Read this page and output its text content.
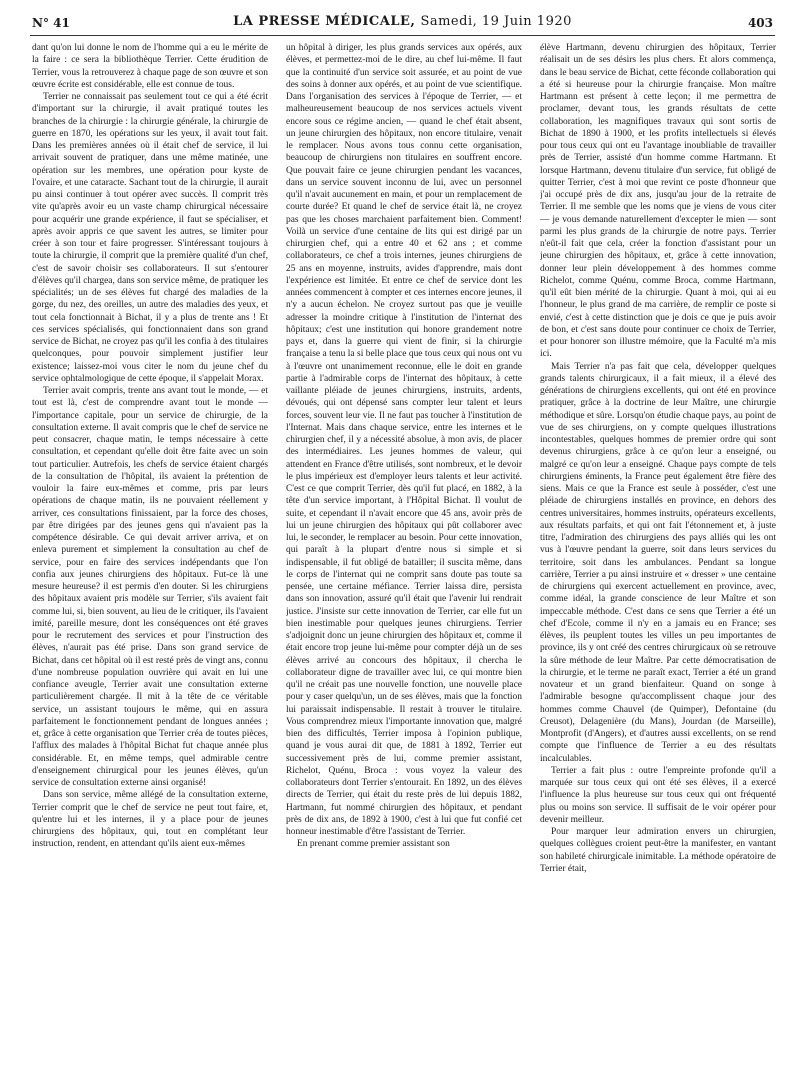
N° 41	LA PRESSE MÉDICALE, Samedi, 19 Juin 1920	403

dant qu'on lui donne le nom de l'homme qui a eu le mérite de la faire : ce sera la bibliothèque Terrier. Cette érudition de Terrier, vous la retrouverez à chaque page de son œuvre et son œuvre écrite est considérable, elle est connue de tous.

Terrier ne connaissait pas seulement tout ce qui a été écrit d'important sur la chirurgie, il avait pratiqué toutes les branches de la chirurgie : la chirurgie générale, la chirurgie de guerre en 1870, les opérations sur les yeux, il avait tout fait. Dans les premières années où il était chef de service, il lui arrivait souvent de pratiquer, dans une même matinée, une opération sur les membres, une opération pour kyste de l'ovaire, et une cataracte. Sachant tout de la chirurgie, il aurait pu ainsi continuer à tout opérer avec succès. Il comprit très vite qu'après avoir eu un vaste champ chirurgical nécessaire pour acquérir une grande expérience, il faut se spécialiser, et après avoir appris ce que savent les autres, se limiter pour créer à son tour et faire progresser. S'intéressant toujours à toute la chirurgie, il comprit que la première qualité d'un chef, c'est de savoir choisir ses collaborateurs. Il sut s'entourer d'élèves qu'il chargea, dans son service même, de pratiquer les spécialités; un de ses élèves fut chargé des maladies de la gorge, du nez, des oreilles, un autre des maladies des yeux, et tout cela fonctionnait à Bichat, il y a plus de trente ans ! Et ces services spécialisés, qui fonctionnaient dans son grand service de Bichat, ne croyez pas qu'il les confia à des titulaires quelconques, pour pouvoir simplement justifier leur existence; laissez-moi vous citer le nom du jeune chef du service ophtalmologique de cette époque, il s'appelait Morax.

Terrier avait compris, trente ans avant tout le monde, — et tout est là, c'est de comprendre avant tout le monde — l'importance capitale, pour un service de chirurgie, de la consultation externe. Il avait compris que le chef de service ne peut consacrer, chaque matin, le temps nécessaire à cette consultation, et cependant qu'elle doit être faite avec un soin tout particulier. Autrefois, les chefs de service étaient chargés de la consultation de l'hôpital, ils avaient la prétention de vouloir la faire eux-mêmes et comme, pris par leurs opérations de chaque matin, ils ne pouvaient réellement y arriver, ces consultations finissaient, par la force des choses, par être dirigées par des jeunes gens qui n'avaient pas la compétence désirable. Ce qui devait arriver arriva, et on enleva purement et simplement la consultation au chef de service, pour en faire des services indépendants que l'on confia aux jeunes chirurgiens des hôpitaux. Fut-ce là une mesure heureuse? il est permis d'en douter. Si les chirurgiens des hôpitaux avaient pris modèle sur Terrier, s'ils avaient fait comme lui, si, bien souvent, au lieu de le critiquer, ils l'avaient imité, pareille mesure, dont les conséquences ont été graves pour le recrutement des services et pour l'instruction des élèves, n'aurait pas été prise. Dans son grand service de Bichat, dans cet hôpital où il est resté près de vingt ans, connu d'une nombreuse population ouvrière qui avait en lui une confiance aveugle, Terrier avait une consultation externe particulièrement chargée. Il mit à la tête de ce véritable service, un assistant toujours le même, qui en assura parfaitement le fonctionnement pendant de longues années ; et, grâce à cette organisation que Terrier créa de toutes pièces, l'afflux des malades à l'hôpital Bichat fut chaque année plus considérable. Et, en même temps, quel admirable centre d'enseignement chirurgical pour les jeunes élèves, qu'un service de consultation externe ainsi organisé!

Dans son service, même allégé de la consultation externe, Terrier comprit que le chef de service ne peut tout faire, et, qu'entre lui et les internes, il y a place pour de jeunes chirurgiens des hôpitaux, qui, tout en complétant leur instruction, rendent, en attendant qu'ils aient eux-mêmes

un hôpital à diriger, les plus grands services aux opérés, aux élèves, et permettez-moi de le dire, au chef lui-même. Il faut que la continuité d'un service soit assurée, et au point de vue des soins à donner aux opérés, et au point de vue scientifique. Dans l'organisation des services à l'époque de Terrier, — et malheureusement beaucoup de nos services actuels vivent encore sous ce régime ancien, — quand le chef était absent, un jeune chirurgien des hôpitaux, non encore titulaire, venait le remplacer. Nous avons tous connu cette organisation, beaucoup de chirurgiens non titulaires en souffrent encore. Que pouvait faire ce jeune chirurgien pendant les vacances, dans un service souvent inconnu de lui, avec un personnel qu'il n'avait aucunement en main, et pour un remplacement de courte durée? Et quand le chef de service était là, ne croyez pas que les choses marchaient parfaitement bien. Comment! Voilà un service d'une centaine de lits qui est dirigé par un chirurgien chef, qui a entre 40 et 62 ans ; et comme collaborateurs, ce chef a trois internes, jeunes chirurgiens de 25 ans en moyenne, instruits, avides d'apprendre, mais dont l'expérience est limitée. Et entre ce chef de service dont les années commencent à compter et ces internes encore jeunes, il n'y a aucun échelon. Ne croyez surtout pas que je veuille adresser la moindre critique à l'institution de l'internat des hôpitaux; c'est une institution qui honore grandement notre pays et, dans la guerre qui vient de finir, si la chirurgie française a tenu la si belle place que tous ceux qui nous ont vu à l'œuvre ont unanimement reconnue, elle le doit en grande partie à l'admirable corps de l'internat des hôpitaux, à cette vaillante pléiade de jeunes chirurgiens, instruits, ardents, dévoués, qui ont dépensé sans compter leur talent et leurs forces, souvent leur vie. Il ne faut pas toucher à l'institution de l'Internat. Mais dans chaque service, entre les internes et le chirurgien chef, il y a nécessité absolue, à mon avis, de placer des intermédiaires. Les jeunes hommes de valeur, qui attendent en France d'être utilisés, sont nombreux, et le devoir le plus impérieux est d'employer leurs talents et leur activité. C'est ce que comprit Terrier, dès qu'il fut placé, en 1882, à la tête d'un service important, à l'Hôpital Bichat. Il voulut de suite, et cependant il n'avait encore que 45 ans, avoir près de lui un jeune chirurgien des hôpitaux qui pût collaborer avec lui, le seconder, le remplacer au besoin. Pour cette innovation, qui paraît à la plupart d'entre nous si simple et si indispensable, il fut obligé de batailler; il suscita même, dans le corps de l'internat qui ne comprit sans doute pas toute sa pensée, une certaine méfiance. Terrier laissa dire, persista dans son innovation, assuré qu'il était que l'avenir lui rendrait justice. J'insiste sur cette innovation de Terrier, car elle fut un bien inestimable pour quelques jeunes chirurgiens. Terrier s'adjoignit donc un jeune chirurgien des hôpitaux et, comme il était encore trop jeune lui-même pour compter déjà un de ses élèves arrivé au concours des hôpitaux, il chercha le collaborateur digne de travailler avec lui, ce qui montre bien qu'il ne créait pas une nouvelle fonction, une nouvelle place pour y caser quelqu'un, un de ses élèves, mais que la fonction lui paraissait indispensable. Il restait à trouver le titulaire. Vous comprendrez mieux l'importante innovation que, malgré bien des difficultés, Terrier imposa à l'opinion publique, quand je vous aurai dit que, de 1881 à 1892, Terrier eut successivement près de lui, comme premier assistant, Richelot, Quénu, Broca : vous voyez la valeur des collaborateurs dont Terrier s'entourait. En 1892, un des élèves directs de Terrier, qui était du reste près de lui depuis 1882, Hartmann, fut nommé chirurgien des hôpitaux, et pendant près de dix ans, de 1892 à 1900, c'est à lui que fut confié cet honneur inestimable d'être l'assistant de Terrier.

En prenant comme premier assistant son

élève Hartmann, devenu chirurgien des hôpitaux, Terrier réalisait un de ses désirs les plus chers. Et alors commença, dans le beau service de Bichat, cette féconde collaboration qui a été si heureuse pour la chirurgie française. Mon maître Hartmann est présent à cette leçon; il me permettra de proclamer, devant tous, les grands résultats de cette collaboration, les magnifiques travaux qui sont sortis de Bichat de 1890 à 1900, et les profits intellectuels si élevés pour tous ceux qui ont eu l'avantage inoubliable de travailler près de Terrier, assisté d'un homme comme Hartmann. Et lorsque Hartmann, devenu titulaire d'un service, fut obligé de quitter Terrier, c'est à moi que revint ce poste d'honneur que j'ai occupé près de dix ans, jusqu'au jour de la retraite de Terrier. Il me semble que les noms que je viens de vous citer — je vous demande naturellement d'excepter le mien — sont parmi les plus grands de la chirurgie de notre pays. Terrier n'eût-il fait que cela, créer la fonction d'assistant pour un jeune chirurgien des hôpitaux, et, grâce à cette innovation, donner leur plein développement à des hommes comme Richelot, comme Quénu, comme Broca, comme Hartmann, qu'il eût bien mérité de la chirurgie. Quant à moi, qui ai eu l'honneur, le plus grand de ma carrière, de remplir ce poste si envié, c'est à cette distinction que je dois ce que je puis avoir de bon, et c'est sans doute pour continuer ce choix de Terrier, et pour honorer son illustre mémoire, que la Faculté m'a mis ici.

Mais Terrier n'a pas fait que cela, développer quelques grands talents chirurgicaux, il a fait mieux, il a élevé des générations de chirurgiens excellents, qui ont été en province pratiquer, grâce à la doctrine de leur Maître, une chirurgie méthodique et sûre. Lorsqu'on étudie chaque pays, au point de vue de ses chirurgiens, on y compte quelques illustrations incontestables, quelques hommes de premier ordre qui sont devenus chirurgiens, grâce à ce qu'on leur a enseigné, ou malgré ce qu'on leur a enseigné. Chaque pays compte de tels chirurgiens éminents, la France peut également être fière des siens. Mais ce que la France est seule à posséder, c'est une pléiade de chirurgiens installés en province, en dehors des centres universitaires, hommes instruits, opérateurs excellents, aux résultats parfaits, et qui ont fait l'étonnement et, à juste titre, l'admiration des chirurgiens des pays alliés qui les ont vus à l'œuvre pendant la guerre, soit dans leurs services du territoire, soit dans les ambulances. Pendant sa longue carrière, Terrier a pu ainsi instruire et « dresser » une centaine de chirurgiens qui exercent actuellement en province, avec, comme idéal, la grande conscience de leur Maître et son impeccable méthode. C'est dans ce sens que Terrier a été un chef d'Ecole, comme il n'y en a jamais eu en France; ses élèves, ils peuplent toutes les villes un peu importantes de province, ils y ont créé des centres chirurgicaux où se retrouve la sûre méthode de leur Maître. Par cette démocratisation de la chirurgie, et le terme ne paraît exact, Terrier a été un grand novateur et un grand bienfaiteur. Quand on songe à l'admirable besogne qu'accomplissent chaque jour des hommes comme Chauvel (de Quimper), Defontaine (du Creusot), Delagenière (du Mans), Jourdan (de Marseille), Montprofit (d'Angers), et d'autres aussi excellents, on se rend compte que l'influence de Terrier a eu des résultats incalculables.

Terrier a fait plus : outre l'empreinte profonde qu'il a marquée sur tous ceux qui ont été ses élèves, il a exercé l'influence la plus heureuse sur tous ceux qui ont fréquenté plus ou moins son service. Il suffisait de le voir opérer pour devenir meilleur.

Pour marquer leur admiration envers un chirurgien, quelques collègues croient peut-être la manifester, en vantant son habileté chirurgicale inimitable. La méthode opératoire de Terrier était,
